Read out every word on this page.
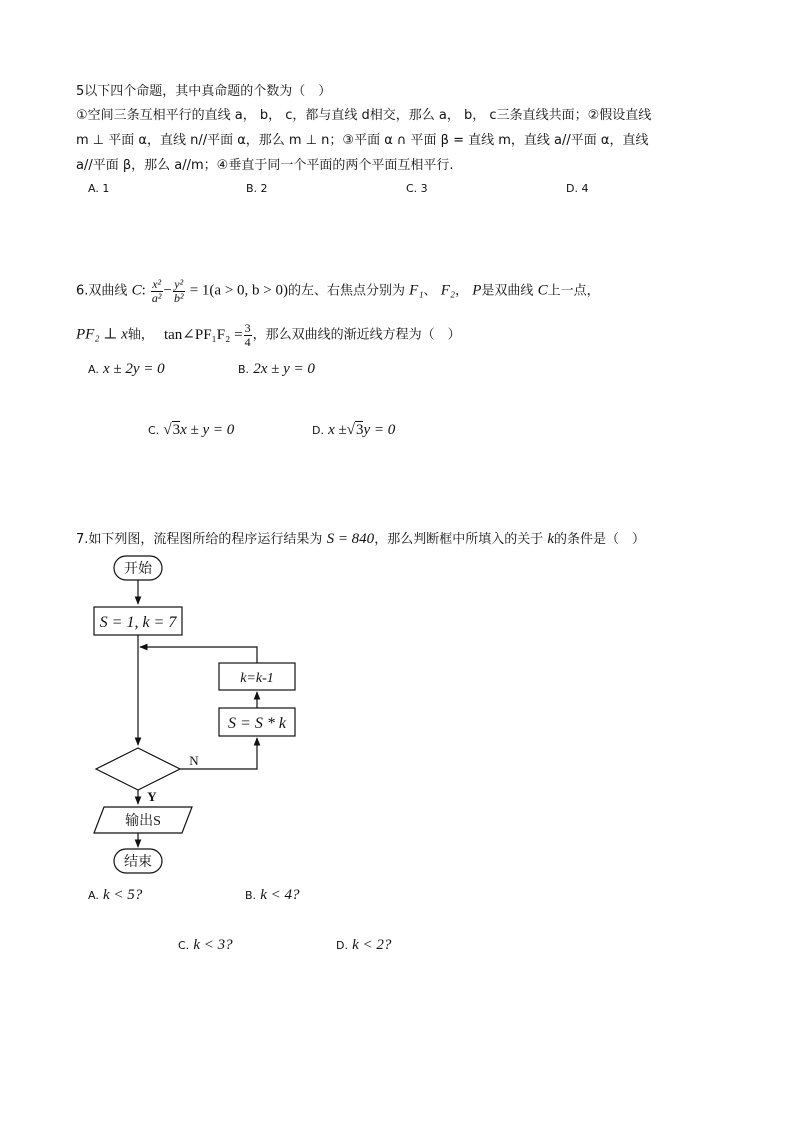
5以下四个命题，其中真命题的个数为（　）
①空间三条互相平行的直线 a， b， c，都与直线 d相交，那么 a， b， c三条直线共面；②假设直线
m ⊥ 平面 α，直线 n//平面 α，那么 m ⊥ n；③平面 α ∩ 平面 β = 直线 m，直线 a//平面 α，直线
a//平面 β，那么 a//m；④垂直于同一个平面的两个平面互相平行.
A. 1	B. 2	C. 3	D. 4
6.双曲线 C: $\frac{\text{x²}}{\text{a²}} - \frac{\text{y²}}{\text{b²}} = 1(a > 0$, b > 0)的左、右焦点分别为 F₁、 F₂， P是双曲线 C上一点，
PF₂ ⊥ x轴， tan∠PF₁F₂ = $\frac{3}{4}$ ，那么双曲线的渐近线方程为（　）
A. x ± 2y = 0	B. 2x ± y = 0
C. √3x ± y = 0	D. x ±√3y = 0
7.如下列图，流程图所给的程序运行结果为 S = 840，那么判断框中所填入的关于 k的条件是（　）
开始
S = 1, k = 7
k=k-1
S = S * k
N
Y
输出S
结束
A. k < 5?	B. k < 4?
C. k < 3?	D. k < 2?
